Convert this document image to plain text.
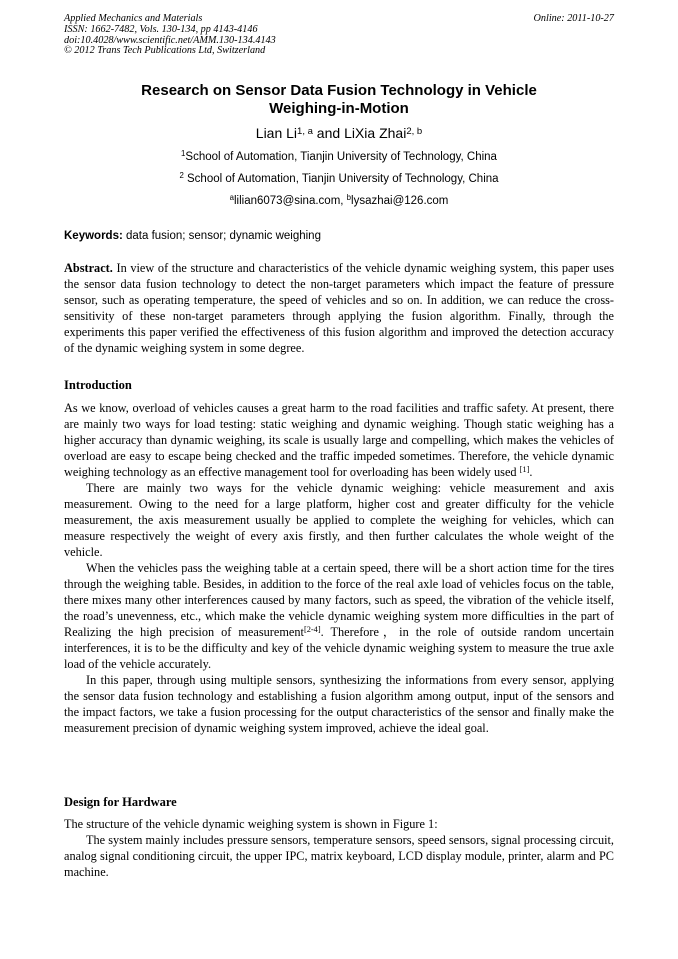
Applied Mechanics and Materials
ISSN: 1662-7482, Vols. 130-134, pp 4143-4146
doi:10.4028/www.scientific.net/AMM.130-134.4143
© 2012 Trans Tech Publications Ltd, Switzerland
Online: 2011-10-27
Research on Sensor Data Fusion Technology in Vehicle
Weighing-in-Motion
Lian Li$^{1, a}$ and LiXia Zhai$^{2, b}$
$^1$School of Automation, Tianjin University of Technology, China
$^2$ School of Automation, Tianjin University of Technology, China
$^a$lilian6073@sina.com, $^b$lysazhai@126.com
Keywords: data fusion; sensor; dynamic weighing

Abstract. In view of the structure and characteristics of the vehicle dynamic weighing system, this paper uses the sensor data fusion technology to detect the non-target parameters which impact the feature of pressure sensor, such as operating temperature, the speed of vehicles and so on. In addition, we can reduce the cross-sensitivity of these non-target parameters through applying the fusion algorithm. Finally, through the experiments this paper verified the effectiveness of this fusion algorithm and improved the detection accuracy of the dynamic weighing system in some degree.

Introduction

As we know, overload of vehicles causes a great harm to the road facilities and traffic safety. At present, there are mainly two ways for load testing: static weighing and dynamic weighing. Though static weighing has a higher accuracy than dynamic weighing, its scale is usually large and compelling, which makes the vehicles of overload are easy to escape being checked and the traffic impeded sometimes. Therefore, the vehicle dynamic weighing technology as an effective management tool for overloading has been widely used [1].

There are mainly two ways for the vehicle dynamic weighing: vehicle measurement and axis measurement. Owing to the need for a large platform, higher cost and greater difficulty for the vehicle measurement, the axis measurement usually be applied to complete the weighing for vehicles, which can measure respectively the weight of every axis firstly, and then further calculates the whole weight of the vehicle.

When the vehicles pass the weighing table at a certain speed, there will be a short action time for the tires through the weighing table. Besides, in addition to the force of the real axle load of vehicles focus on the table, there mixes many other interferences caused by many factors, such as speed, the vibration of the vehicle itself, the road’s unevenness, etc., which make the vehicle dynamic weighing system more difficulties in the part of Realizing the high precision of measurement[2-4]. Therefore，in the role of outside random uncertain interferences, it is to be the difficulty and key of the vehicle dynamic weighing system to measure the true axle load of the vehicle accurately.

In this paper, through using multiple sensors, synthesizing the informations from every sensor, applying the sensor data fusion technology and establishing a fusion algorithm among output, input of the sensors and the impact factors, we take a fusion processing for the output characteristics of the sensor and finally make the measurement precision of dynamic weighing system improved, achieve the ideal goal.

Design for Hardware

The structure of the vehicle dynamic weighing system is shown in Figure 1:

The system mainly includes pressure sensors, temperature sensors, speed sensors, signal processing circuit, analog signal conditioning circuit, the upper IPC, matrix keyboard, LCD display module, printer, alarm and PC machine.
